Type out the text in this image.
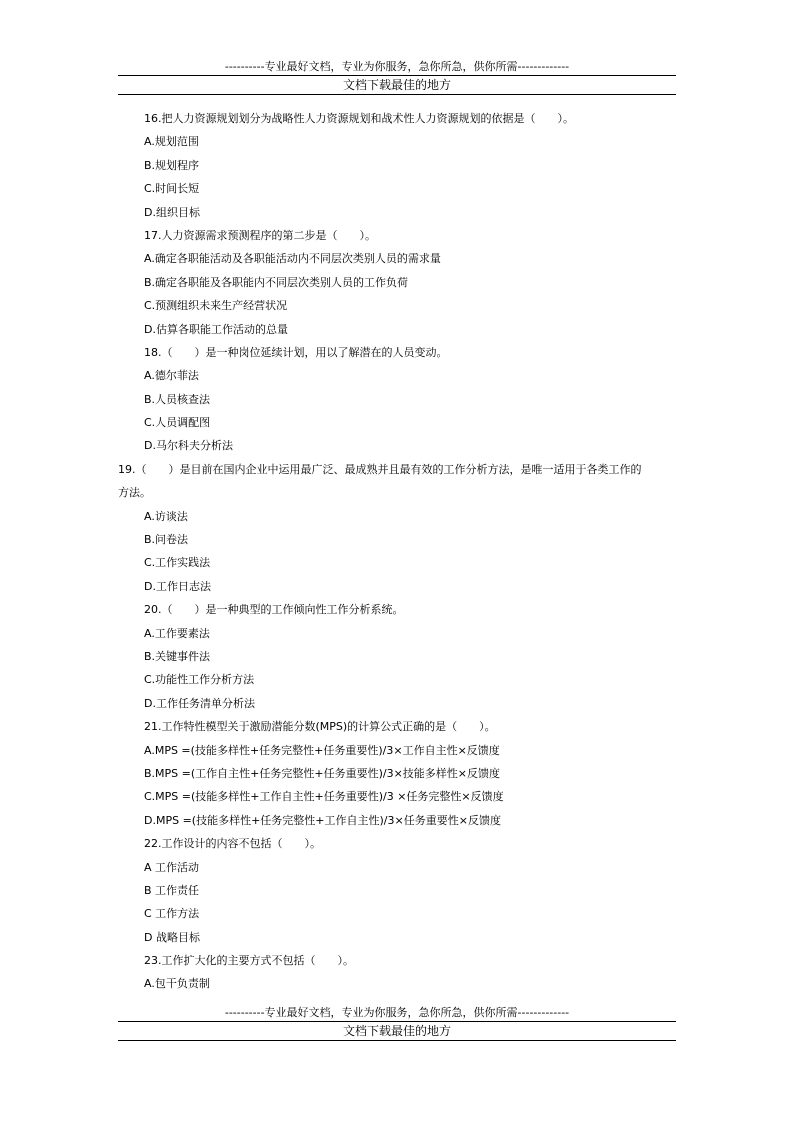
----------专业最好文档，专业为你服务，急你所急，供你所需-------------
文档下载最佳的地方
16.把人力资源规划划分为战略性人力资源规划和战术性人力资源规划的依据是（　　）。
A.规划范围
B.规划程序
C.时间长短
D.组织目标
17.人力资源需求预测程序的第二步是（　　）。
A.确定各职能活动及各职能活动内不同层次类别人员的需求量
B.确定各职能及各职能内不同层次类别人员的工作负荷
C.预测组织未来生产经营状况
D.估算各职能工作活动的总量
18.（　　）是一种岗位延续计划，用以了解潜在的人员变动。
A.德尔菲法
B.人员核查法
C.人员调配图
D.马尔科夫分析法
19.（　　）是目前在国内企业中运用最广泛、最成熟并且最有效的工作分析方法，是唯一适用于各类工作的
方法。
A.访谈法
B.问卷法
C.工作实践法
D.工作日志法
20.（　　）是一种典型的工作倾向性工作分析系统。
A.工作要素法
B.关键事件法
C.功能性工作分析方法
D.工作任务清单分析法
21.工作特性模型关于激励潜能分数(MPS)的计算公式正确的是（　　）。
A.MPS =(技能多样性+任务完整性+任务重要性)/3×工作自主性×反馈度
B.MPS =(工作自主性+任务完整性+任务重要性)/3×技能多样性×反馈度
C.MPS =(技能多样性+工作自主性+任务重要性)/3 ×任务完整性×反馈度
D.MPS =(技能多样性+任务完整性+工作自主性)/3×任务重要性×反馈度
22.工作设计的内容不包括（　　）。
A 工作活动
B 工作责任
C 工作方法
D 战略目标
23.工作扩大化的主要方式不包括（　　）。
A.包干负责制
----------专业最好文档，专业为你服务，急你所急，供你所需-------------
文档下载最佳的地方
